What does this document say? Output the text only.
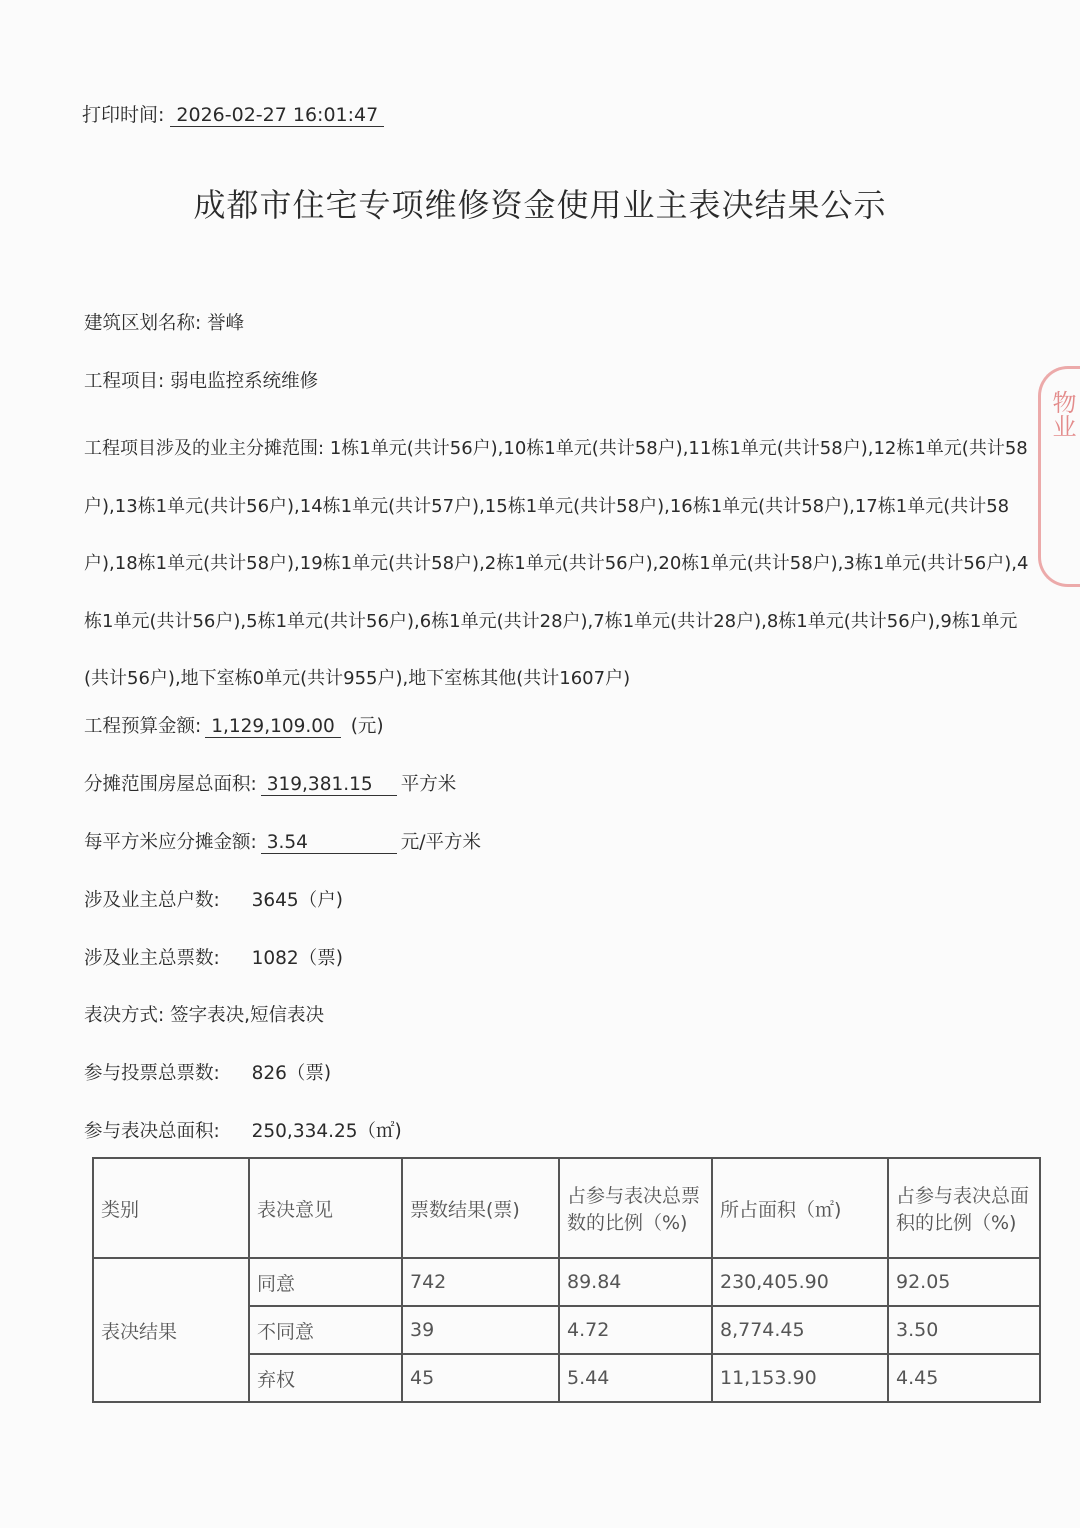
打印时间: 2026-02-27 16:01:47
成都市住宅专项维修资金使用业主表决结果公示
建筑区划名称: 誉峰
工程项目: 弱电监控系统维修
工程项目涉及的业主分摊范围: 1栋1单元(共计56户),10栋1单元(共计58户),11栋1单元(共计58户),12栋1单元(共计58户),13栋1单元(共计56户),14栋1单元(共计57户),15栋1单元(共计58户),16栋1单元(共计58户),17栋1单元(共计58户),18栋1单元(共计58户),19栋1单元(共计58户),2栋1单元(共计56户),20栋1单元(共计58户),3栋1单元(共计56户),4栋1单元(共计56户),5栋1单元(共计56户),6栋1单元(共计28户),7栋1单元(共计28户),8栋1单元(共计56户),9栋1单元(共计56户),地下室栋0单元(共计955户),地下室栋其他(共计1607户)
工程预算金额: 1,129,109.00 (元)
分摊范围房屋总面积: 319,381.15 平方米
每平方米应分摊金额: 3.54	元/平方米
涉及业主总户数: 3645（户)
涉及业主总票数: 1082（票)
表决方式: 签字表决,短信表决
参与投票总票数: 826（票)
参与表决总面积: 250,334.25（㎡)
类别	表决意见	票数结果(票)	占参与表决总票数的比例（%)	所占面积（㎡)	占参与表决总面积的比例（%)
表决结果	同意	742	89.84	230,405.90	92.05
	不同意	39	4.72	8,774.45	3.50
	弃权	45	5.44	11,153.90	4.45
物业
